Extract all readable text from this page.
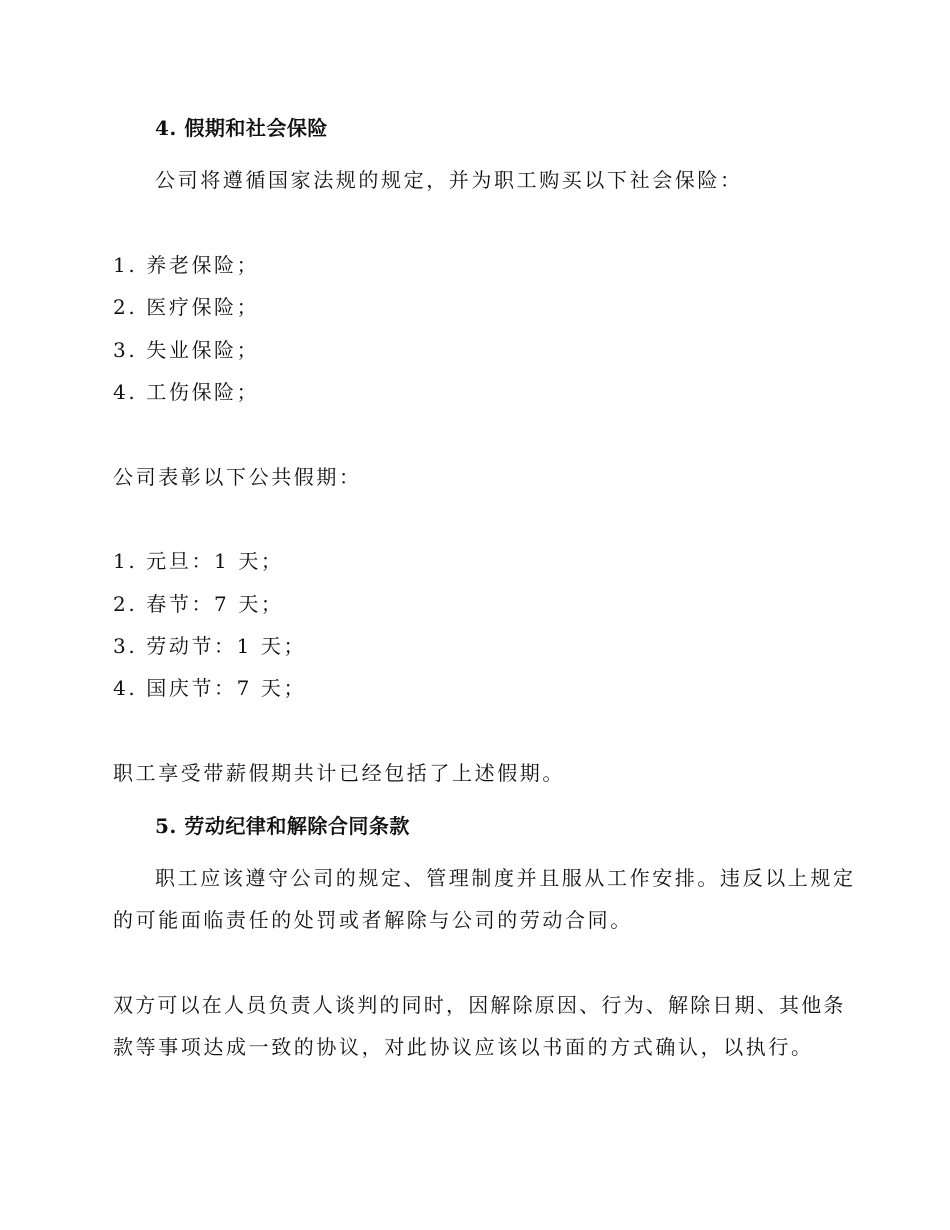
4. 假期和社会保险
公司将遵循国家法规的规定，并为职工购买以下社会保险：
1. 养老保险；
2. 医疗保险；
3. 失业保险；
4. 工伤保险；
公司表彰以下公共假期：
1. 元旦：1 天；
2. 春节：7 天；
3. 劳动节：1 天；
4. 国庆节：7 天；
职工享受带薪假期共计已经包括了上述假期。
5. 劳动纪律和解除合同条款
职工应该遵守公司的规定、管理制度并且服从工作安排。违反以上规定
的可能面临责任的处罚或者解除与公司的劳动合同。
双方可以在人员负责人谈判的同时，因解除原因、行为、解除日期、其他条
款等事项达成一致的协议，对此协议应该以书面的方式确认，以执行。
